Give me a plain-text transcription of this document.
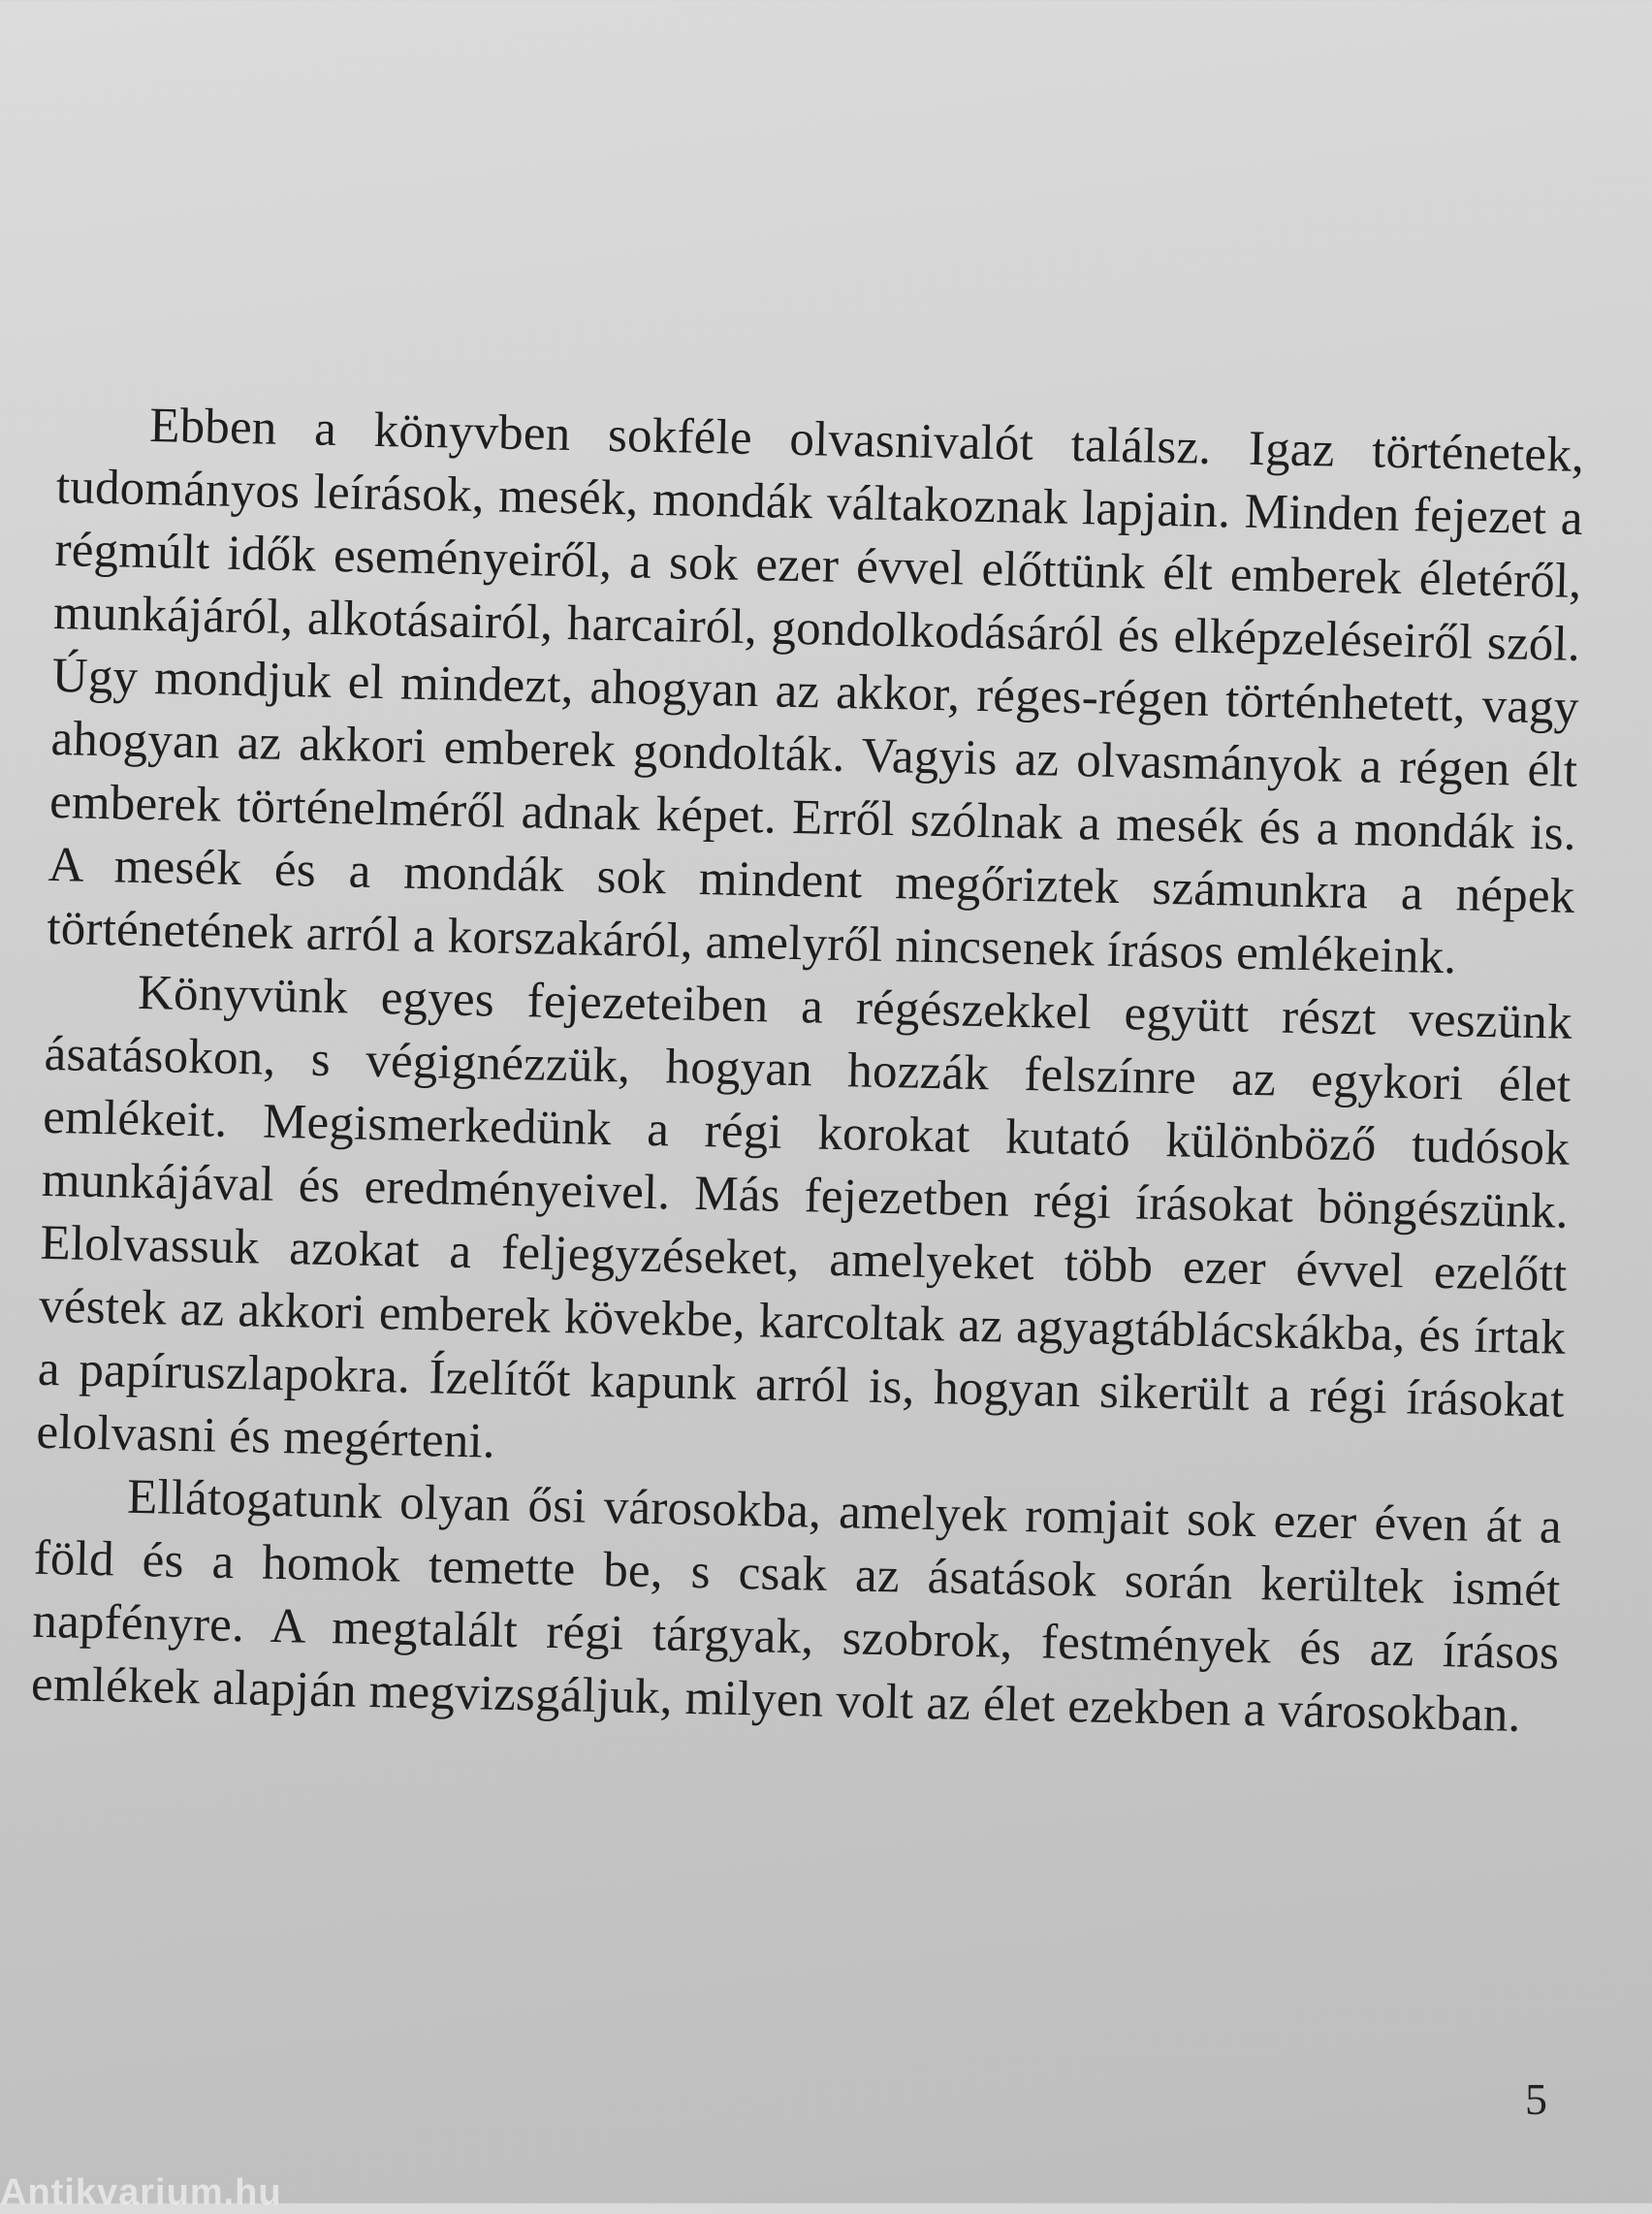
Ebben a könyvben sokféle olvasnivalót találsz. Igaz történetek, tudományos leírások, mesék, mondák váltakoznak lapjain. Minden fejezet a régmúlt idők eseményeiről, a sok ezer évvel előttünk élt emberek életéről, munkájáról, alkotásairól, harcairól, gondolkodásáról és elképzeléseiről szól. Úgy mondjuk el mindezt, ahogyan az akkor, réges-régen történhetett, vagy ahogyan az akkori emberek gondolták. Vagyis az olvasmányok a régen élt emberek történelméről adnak képet. Erről szólnak a mesék és a mondák is. A mesék és a mondák sok mindent megőriztek számunkra a népek történetének arról a korszakáról, amelyről nincsenek írásos emlékeink.

Könyvünk egyes fejezeteiben a régészekkel együtt részt veszünk ásatásokon, s végignézzük, hogyan hozzák felszínre az egykori élet emlékeit. Megismerkedünk a régi korokat kutató különböző tudósok munkájával és eredményeivel. Más fejezetben régi írásokat böngészünk. Elolvassuk azokat a feljegyzéseket, amelyeket több ezer évvel ezelőtt véstek az akkori emberek kövekbe, karcoltak az agyagtáblácskákba, és írtak a papíruszlapokra. Ízelítőt kapunk arról is, hogyan sikerült a régi írásokat elolvasni és megérteni.

Ellátogatunk olyan ősi városokba, amelyek romjait sok ezer éven át a föld és a homok temette be, s csak az ásatások során kerültek ismét napfényre. A megtalált régi tárgyak, szobrok, festmények és az írásos emlékek alapján megvizsgáljuk, milyen volt az élet ezekben a városokban.

5
Antikvarium.hu
